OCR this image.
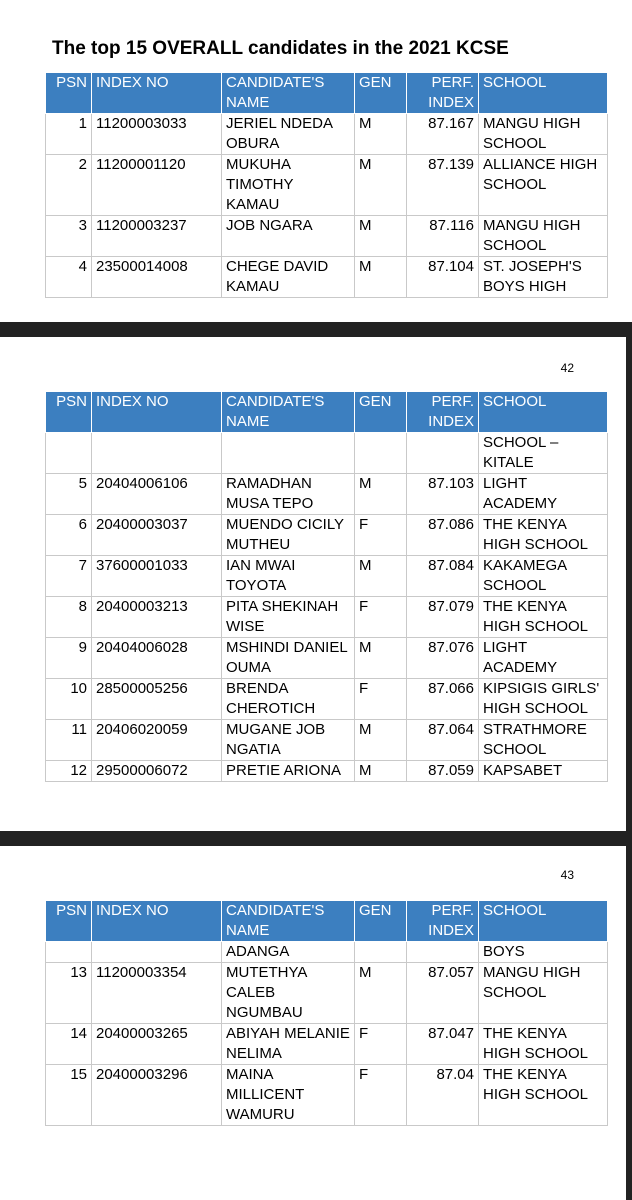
The top 15 OVERALL candidates in the 2021 KCSE
PSN	INDEX NO	CANDIDATE'S NAME	GEN	PERF. INDEX	SCHOOL
1	11200003033	JERIEL NDEDA OBURA	M	87.167	MANGU HIGH SCHOOL
2	11200001120	MUKUHA TIMOTHY KAMAU	M	87.139	ALLIANCE HIGH SCHOOL
3	11200003237	JOB NGARA	M	87.116	MANGU HIGH SCHOOL
4	23500014008	CHEGE DAVID KAMAU	M	87.104	ST. JOSEPH'S BOYS HIGH
42
PSN	INDEX NO	CANDIDATE'S NAME	GEN	PERF. INDEX	SCHOOL
					SCHOOL – KITALE
5	20404006106	RAMADHAN MUSA TEPO	M	87.103	LIGHT ACADEMY
6	20400003037	MUENDO CICILY MUTHEU	F	87.086	THE KENYA HIGH SCHOOL
7	37600001033	IAN MWAI TOYOTA	M	87.084	KAKAMEGA SCHOOL
8	20400003213	PITA SHEKINAH WISE	F	87.079	THE KENYA HIGH SCHOOL
9	20404006028	MSHINDI DANIEL OUMA	M	87.076	LIGHT ACADEMY
10	28500005256	BRENDA CHEROTICH	F	87.066	KIPSIGIS GIRLS' HIGH SCHOOL
11	20406020059	MUGANE JOB NGATIA	M	87.064	STRATHMORE SCHOOL
12	29500006072	PRETIE ARIONA	M	87.059	KAPSABET
43
PSN	INDEX NO	CANDIDATE'S NAME	GEN	PERF. INDEX	SCHOOL
		ADANGA			BOYS
13	11200003354	MUTETHYA CALEB NGUMBAU	M	87.057	MANGU HIGH SCHOOL
14	20400003265	ABIYAH MELANIE NELIMA	F	87.047	THE KENYA HIGH SCHOOL
15	20400003296	MAINA MILLICENT WAMURU	F	87.04	THE KENYA HIGH SCHOOL
